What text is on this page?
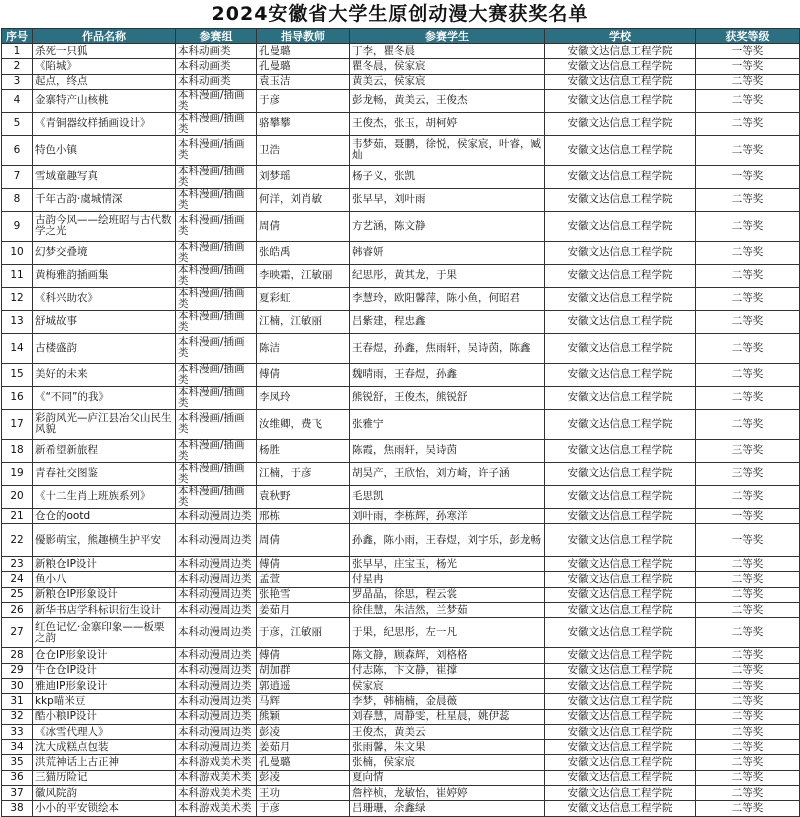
2024安徽省大学生原创动漫大赛获奖名单
序号	作品名称	参赛组	指导教师	参赛学生	学校	获奖等级
1	杀死一只狐	本科动画类	孔曼璐	丁李，瞿冬晨	安徽文达信息工程学院	一等奖
2	《陷城》	本科动画类	孔曼璐	瞿冬晨，侯家宸	安徽文达信息工程学院	一等奖
3	起点，终点	本科动画类	袁玉洁	黄美云，侯家宸	安徽文达信息工程学院	二等奖
4	金寨特产山核桃	本科漫画/插画类	于彦	彭龙畅，黄美云，王俊杰	安徽文达信息工程学院	二等奖
5	《青铜器纹样插画设计》	本科漫画/插画类	骆攀攀	王俊杰，张玉，胡柯婷	安徽文达信息工程学院	二等奖
6	特色小镇	本科漫画/插画类	卫浩	韦梦茹，聂鹏，徐悦，侯家宸，叶睿，臧灿	安徽文达信息工程学院	二等奖
7	雪域童趣写真	本科漫画/插画类	刘梦瑶	杨子义，张凯	安徽文达信息工程学院	一等奖
8	千年古韵·虞城情深	本科漫画/插画类	何洋，刘肖敏	张早早，刘叶雨	安徽文达信息工程学院	二等奖
9	古韵今风——绘班昭与古代数学之光	本科漫画/插画类	周倩	方艺涵，陈文静	安徽文达信息工程学院	二等奖
10	幻梦交叠境	本科漫画/插画类	张皓禹	韩睿妍	安徽文达信息工程学院	二等奖
11	黄梅雅韵插画集	本科漫画/插画类	李映霜，江敏丽	纪思彤，黄其龙，于果	安徽文达信息工程学院	二等奖
12	《科兴助农》	本科漫画/插画类	夏彩虹	李慧玲，欧阳馨萍，陈小鱼，何昭君	安徽文达信息工程学院	二等奖
13	舒城故事	本科漫画/插画类	江楠，江敏丽	吕紫建，程忠鑫	安徽文达信息工程学院	二等奖
14	古楼盛韵	本科漫画/插画类	陈洁	王春煜，孙鑫，焦雨轩，吴诗茵，陈鑫	安徽文达信息工程学院	二等奖
15	美好的未来	本科漫画/插画类	傅倩	魏晴雨，王春煜，孙鑫	安徽文达信息工程学院	二等奖
16	《“不同”的我》	本科漫画/插画类	李凤玲	熊锐舒，王俊杰，熊锐舒	安徽文达信息工程学院	二等奖
17	彩韵风光—庐江县冶父山民生风貌	本科漫画/插画类	汝维卿，费飞	张雅宁	安徽文达信息工程学院	二等奖
18	新希望新旅程	本科漫画/插画类	杨胜	陈霞，焦雨轩，吴诗茵	安徽文达信息工程学院	三等奖
19	青春社交图鉴	本科漫画/插画类	江楠，于彦	胡昊产，王欣怡，刘方崎，许子涵	安徽文达信息工程学院	三等奖
20	《十二生肖上班族系列》	本科漫画/插画类	袁秋野	毛思凯	安徽文达信息工程学院	二等奖
21	仓仓的ootd	本科动漫周边类	邢栋	刘叶雨，李栋辉，孙寒洋	安徽文达信息工程学院	一等奖
22	優影萌宝，熊趣横生护平安	本科动漫周边类	周倩	孙鑫，陈小雨，王春煜，刘宇乐，彭龙畅	安徽文达信息工程学院	一等奖
23	新粮仓IP设计	本科动漫周边类	傅倩	张早早，庄宝玉，杨光	安徽文达信息工程学院	二等奖
24	鱼小八	本科动漫周边类	孟萱	付星冉	安徽文达信息工程学院	二等奖
25	新粮仓IP形象设计	本科动漫周边类	张艳雪	罗晶晶，徐思，程云裳	安徽文达信息工程学院	二等奖
26	新华书店学科标识衍生设计	本科动漫周边类	姜茹月	徐佳慧，朱洁然，兰梦茹	安徽文达信息工程学院	二等奖
27	红色记忆·金寨印象——板栗之韵	本科动漫周边类	于彦，江敏丽	于果，纪思彤，左一凡	安徽文达信息工程学院	二等奖
28	仓仓IP形象设计	本科动漫周边类	傅倩	陈文静，顾森辉，刘格格	安徽文达信息工程学院	二等奖
29	牛仓仓IP设计	本科动漫周边类	胡加群	付志陈，卞文静，崔撑	安徽文达信息工程学院	二等奖
30	雅迪IP形象设计	本科动漫周边类	郭逍遥	侯家宸	安徽文达信息工程学院	二等奖
31	kkp喵米豆	本科动漫周边类	马辉	李梦，韩楠楠，金晨薇	安徽文达信息工程学院	二等奖
32	酷小粮IP设计	本科动漫周边类	熊颖	刘春慧，周静雯，杜星晨，姚伊蕊	安徽文达信息工程学院	二等奖
33	《冰雪代理人》	本科动漫周边类	彭凌	王俊杰，黄美云	安徽文达信息工程学院	二等奖
34	沈大成糕点包装	本科动漫周边类	姜茹月	张雨馨，朱文果	安徽文达信息工程学院	二等奖
35	洪荒神话上古正神	本科游戏美术类	孔曼璐	张楠，侯家宸	安徽文达信息工程学院	二等奖
36	三猫历险记	本科游戏美术类	彭凌	夏向情	安徽文达信息工程学院	二等奖
37	徽风院韵	本科游戏美术类	王功	詹梓桢，龙敏怡，崔婷婷	安徽文达信息工程学院	二等奖
38	小小的平安锁绘本	本科游戏美术类	于彦	吕珊珊，余鑫绿	安徽文达信息工程学院	二等奖
